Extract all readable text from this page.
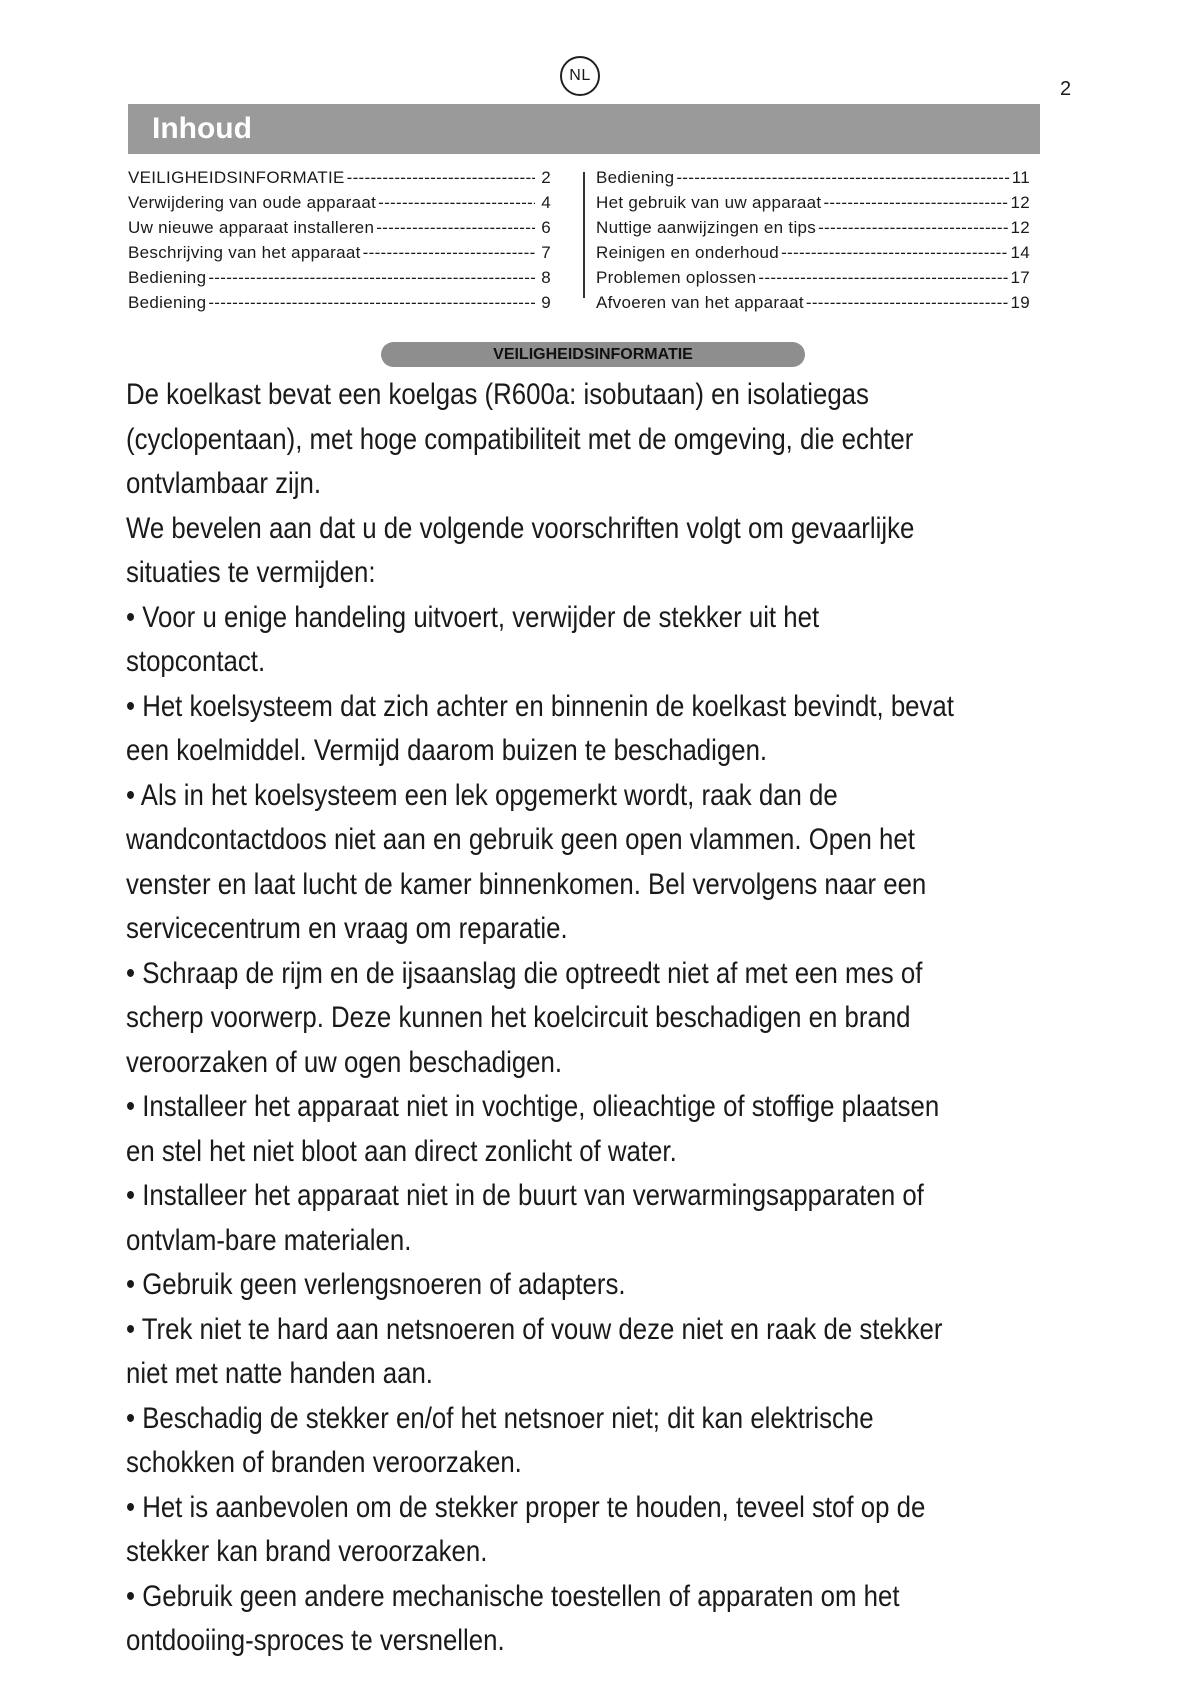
NL
2
Inhoud
VEILIGHEIDSINFORMATIE -----	2
Verwijdering van oude apparaat -----	4
Uw nieuwe apparaat installeren -----	6
Beschrijving van het apparaat -----	7
Bediening -----	8
Bediening -----	9
Bediening -----	11
Het gebruik van uw apparaat -----	12
Nuttige aanwijzingen en tips -----	12
Reinigen en onderhoud -----	14
Problemen oplossen -----	17
Afvoeren van het apparaat -----	19
VEILIGHEIDSINFORMATIE

De koelkast bevat een koelgas (R600a: isobutaan) en isolatiegas (cyclopentaan), met hoge compatibiliteit met de omgeving, die echter ontvlambaar zijn.

We bevelen aan dat u de volgende voorschriften volgt om gevaarlijke situaties te vermijden:

• Voor u enige handeling uitvoert, verwijder de stekker uit het stopcontact.

• Het koelsysteem dat zich achter en binnenin de koelkast bevindt, bevat een koelmiddel. Vermijd daarom buizen te beschadigen.

• Als in het koelsysteem een lek opgemerkt wordt, raak dan de wandcontactdoos niet aan en gebruik geen open vlammen. Open het venster en laat lucht de kamer binnenkomen. Bel vervolgens naar een servicecentrum en vraag om reparatie.

• Schraap de rijm en de ijsaanslag die optreedt niet af met een mes of scherp voorwerp. Deze kunnen het koelcircuit beschadigen en brand veroorzaken of uw ogen beschadigen.

• Installeer het apparaat niet in vochtige, olieachtige of stoffige plaatsen en stel het niet bloot aan direct zonlicht of water.

• Installeer het apparaat niet in de buurt van verwarmingsapparaten of ontvlam-bare materialen.

• Gebruik geen verlengsnoeren of adapters.

• Trek niet te hard aan netsnoeren of vouw deze niet en raak de stekker niet met natte handen aan.

• Beschadig de stekker en/of het netsnoer niet; dit kan elektrische schokken of branden veroorzaken.

• Het is aanbevolen om de stekker proper te houden, teveel stof op de stekker kan brand veroorzaken.

• Gebruik geen andere mechanische toestellen of apparaten om het ontdooiing-sproces te versnellen.
